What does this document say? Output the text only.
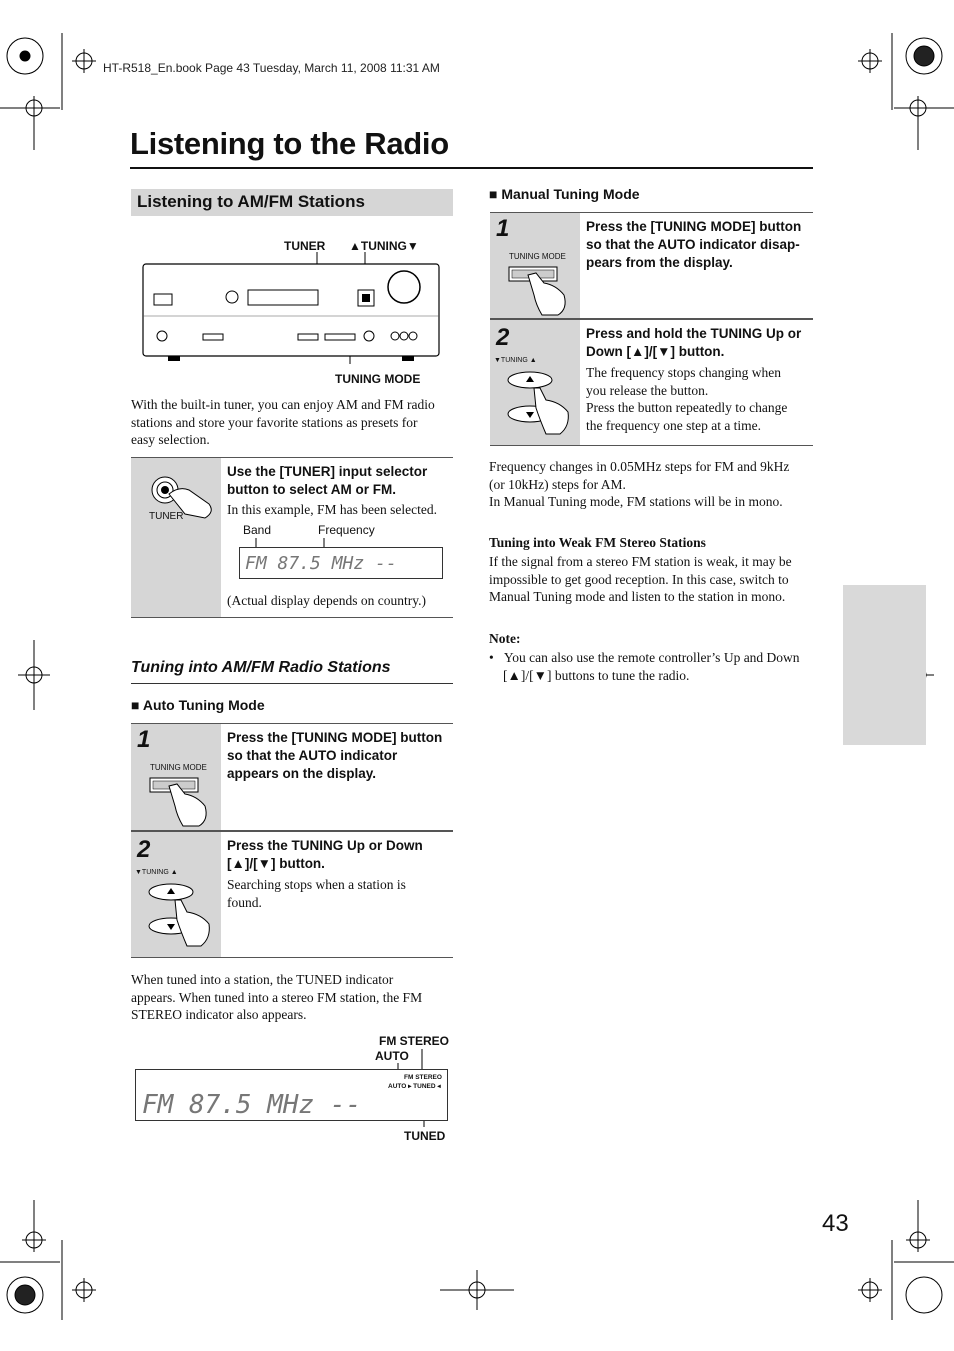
HT-R518_En.book Page 43 Tuesday, March 11, 2008 11:31 AM
Listening to the Radio
Listening to AM/FM Stations
TUNER ▲TUNING▼
TUNING MODE
With the built-in tuner, you can enjoy AM and FM radio
stations and store your favorite stations as presets for
easy selection.
TUNER
Use the [TUNER] input selector
button to select AM or FM.
In this example, FM has been selected.
Band	Frequency
FM 87.5 MHz --
(Actual display depends on country.)
Tuning into AM/FM Radio Stations
■ Auto Tuning Mode
1
TUNING MODE
Press the [TUNING MODE] button
so that the AUTO indicator
appears on the display.
2
▼TUNING ▲
Press the TUNING Up or Down
[▲]/[▼] button.
Searching stops when a station is
found.
When tuned into a station, the TUNED indicator
appears. When tuned into a stereo FM station, the FM
STEREO indicator also appears.
FM STEREO
AUTO
TUNED
FM STEREO
AUTO ▸ TUNED ◂
FM 87.5 MHz --
■ Manual Tuning Mode
1
TUNING MODE
Press the [TUNING MODE] button
so that the AUTO indicator disap-
pears from the display.
2
▼TUNING ▲
Press and hold the TUNING Up or
Down [▲]/[▼] button.
The frequency stops changing when
you release the button.
Press the button repeatedly to change
the frequency one step at a time.
Frequency changes in 0.05MHz steps for FM and 9kHz
(or 10kHz) steps for AM.
In Manual Tuning mode, FM stations will be in mono.
Tuning into Weak FM Stereo Stations
If the signal from a stereo FM station is weak, it may be
impossible to get good reception. In this case, switch to
Manual Tuning mode and listen to the station in mono.
Note:
•   You can also use the remote controller’s Up and Down
[▲]/[▼] buttons to tune the radio.
43
